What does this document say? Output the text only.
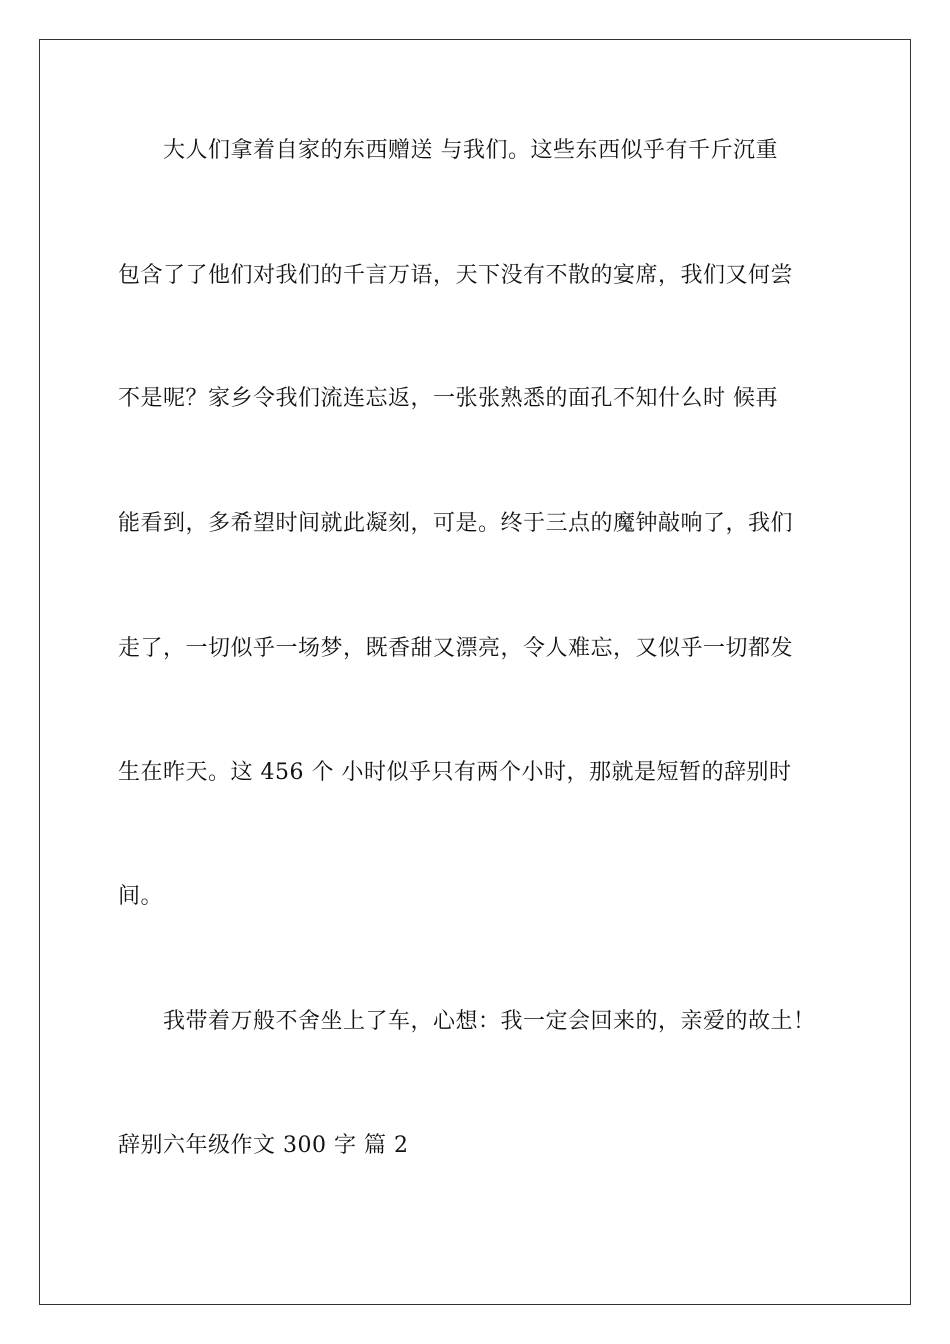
大人们拿着自家的东西赠送 与我们。这些东西似乎有千斤沉重
包含了了他们对我们的千言万语，天下没有不散的宴席，我们又何尝
不是呢？家乡令我们流连忘返，一张张熟悉的面孔不知什么时 候再
能看到，多希望时间就此凝刻，可是。终于三点的魔钟敲响了，我们
走了，一切似乎一场梦，既香甜又漂亮，令人难忘，又似乎一切都发
生在昨天。这 456 个 小时似乎只有两个小时，那就是短暂的辞别时
间。
我带着万般不舍坐上了车，心想：我一定会回来的，亲爱的故土！
辞别六年级作文 300 字 篇 2
